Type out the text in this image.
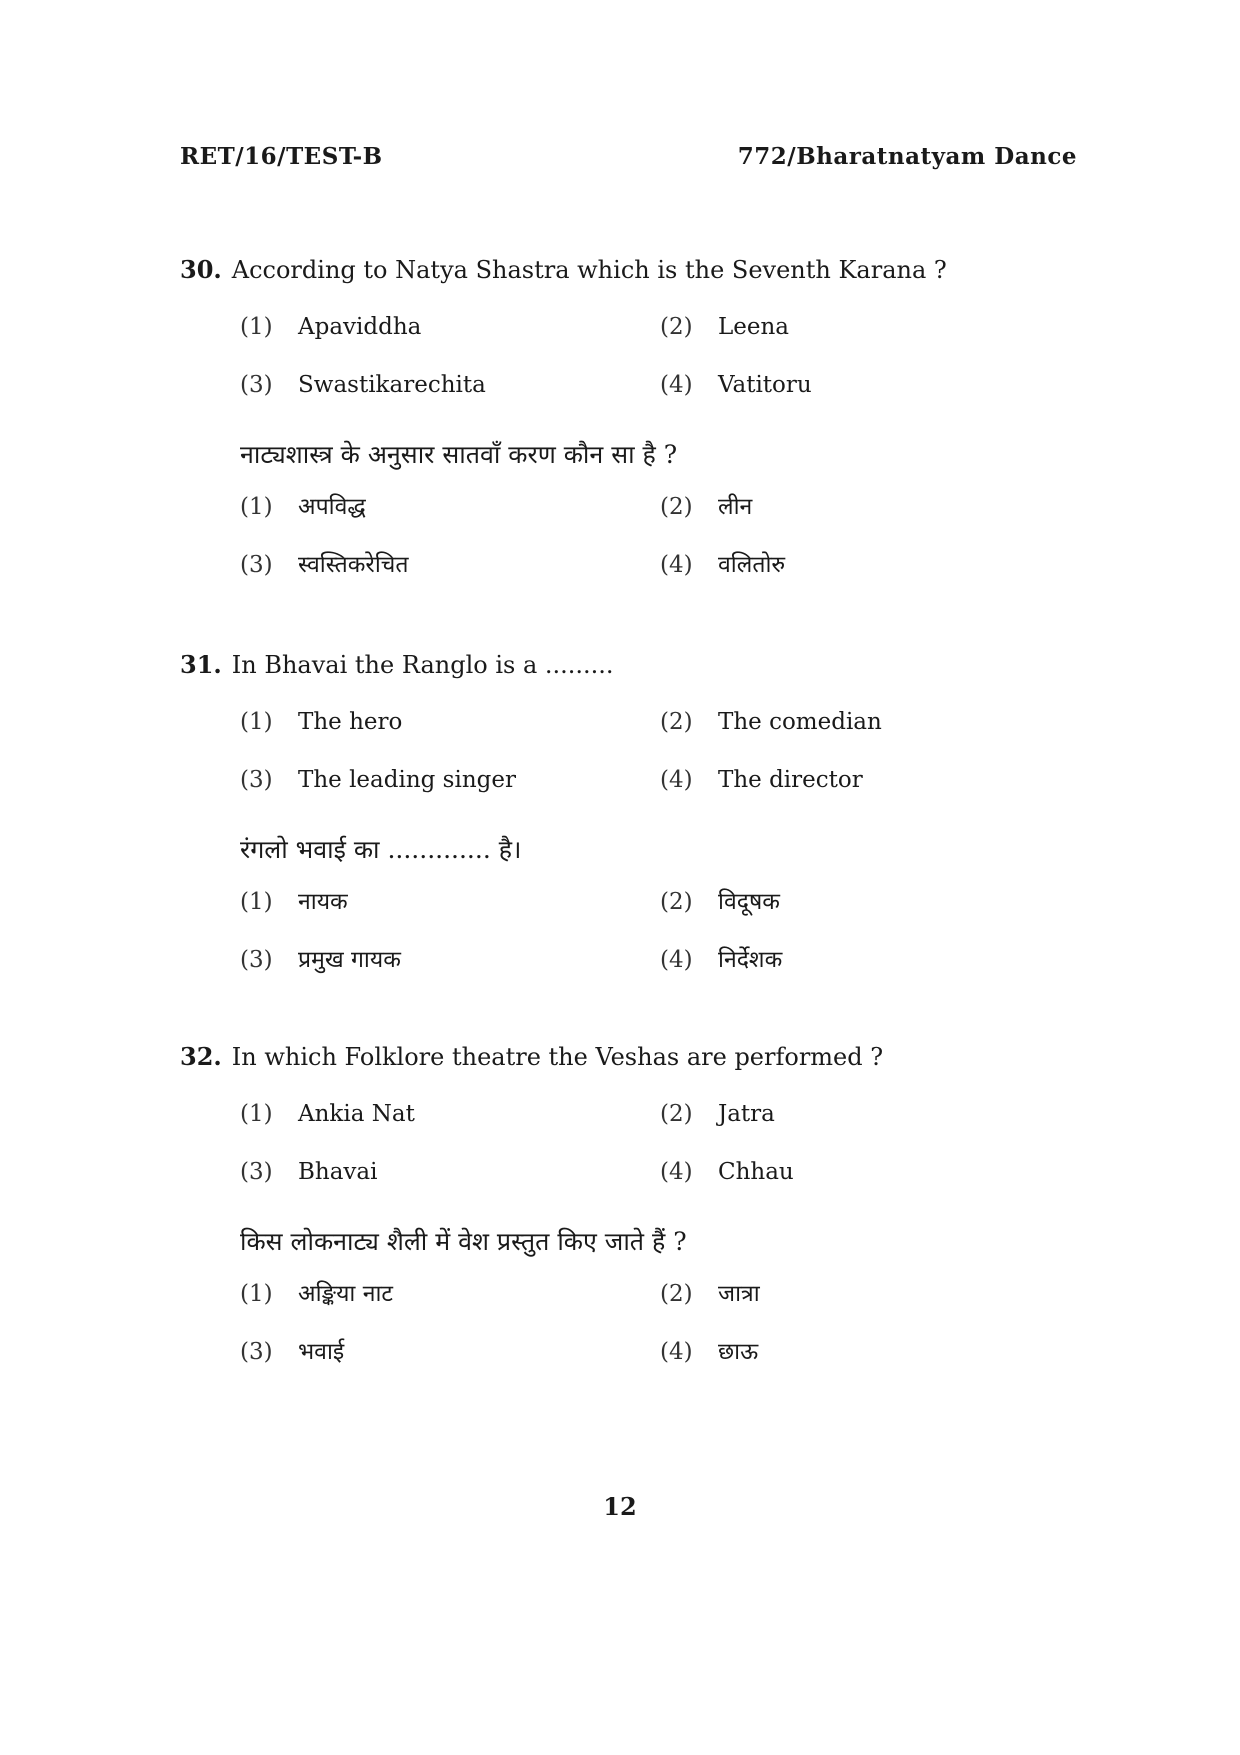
RET/16/TEST-B	772/Bharatnatyam Dance
30. According to Natya Shastra which is the Seventh Karana ?
(1)	Apaviddha	(2)	Leena
(3)	Swastikarechita	(4)	Vatitoru
नाट्यशास्त्र के अनुसार सातवाँ करण कौन सा है ?
(1)	अपविद्ध	(2)	लीन
(3)	स्वस्तिकरेचित	(4)	वलितोरु
31. In Bhavai the Ranglo is a .........
(1)	The hero	(2)	The comedian
(3)	The leading singer	(4)	The director
रंगलो भवाई का ............. है।
(1)	नायक	(2)	विदूषक
(3)	प्रमुख गायक	(4)	निर्देशक
32. In which Folklore theatre the Veshas are performed ?
(1)	Ankia Nat	(2)	Jatra
(3)	Bhavai	(4)	Chhau
किस लोकनाट्य शैली में वेश प्रस्तुत किए जाते हैं ?
(1)	अङ्किया नाट	(2)	जात्रा
(3)	भवाई	(4)	छाऊ
12
